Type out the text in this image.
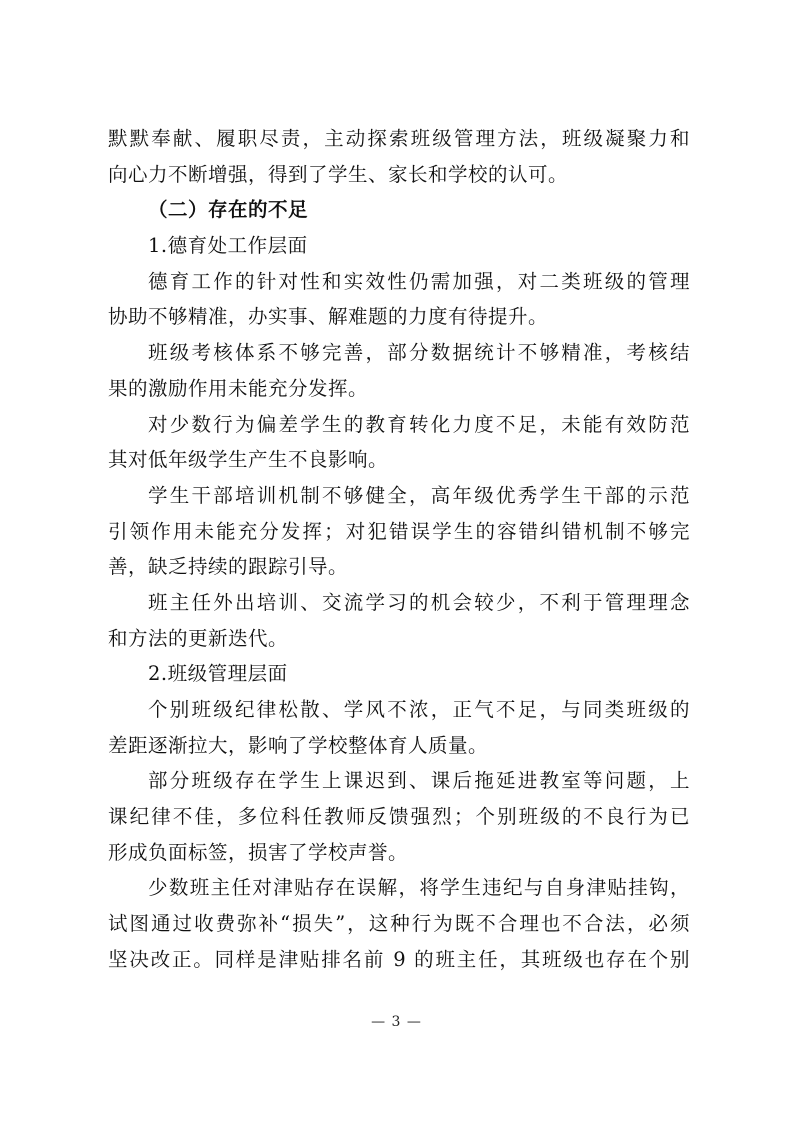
默默奉献、履职尽责，主动探索班级管理方法，班级凝聚力和
向心力不断增强，得到了学生、家长和学校的认可。
（二）存在的不足
1.德育处工作层面
德育工作的针对性和实效性仍需加强，对二类班级的管理
协助不够精准，办实事、解难题的力度有待提升。
班级考核体系不够完善，部分数据统计不够精准，考核结
果的激励作用未能充分发挥。
对少数行为偏差学生的教育转化力度不足，未能有效防范
其对低年级学生产生不良影响。
学生干部培训机制不够健全，高年级优秀学生干部的示范
引领作用未能充分发挥；对犯错误学生的容错纠错机制不够完
善，缺乏持续的跟踪引导。
班主任外出培训、交流学习的机会较少，不利于管理理念
和方法的更新迭代。
2.班级管理层面
个别班级纪律松散、学风不浓，正气不足，与同类班级的
差距逐渐拉大，影响了学校整体育人质量。
部分班级存在学生上课迟到、课后拖延进教室等问题，上
课纪律不佳，多位科任教师反馈强烈；个别班级的不良行为已
形成负面标签，损害了学校声誉。
少数班主任对津贴存在误解，将学生违纪与自身津贴挂钩，
试图通过收费弥补“损失”，这种行为既不合理也不合法，必须
坚决改正。同样是津贴排名前 9 的班主任，其班级也存在个别
— 3 —
